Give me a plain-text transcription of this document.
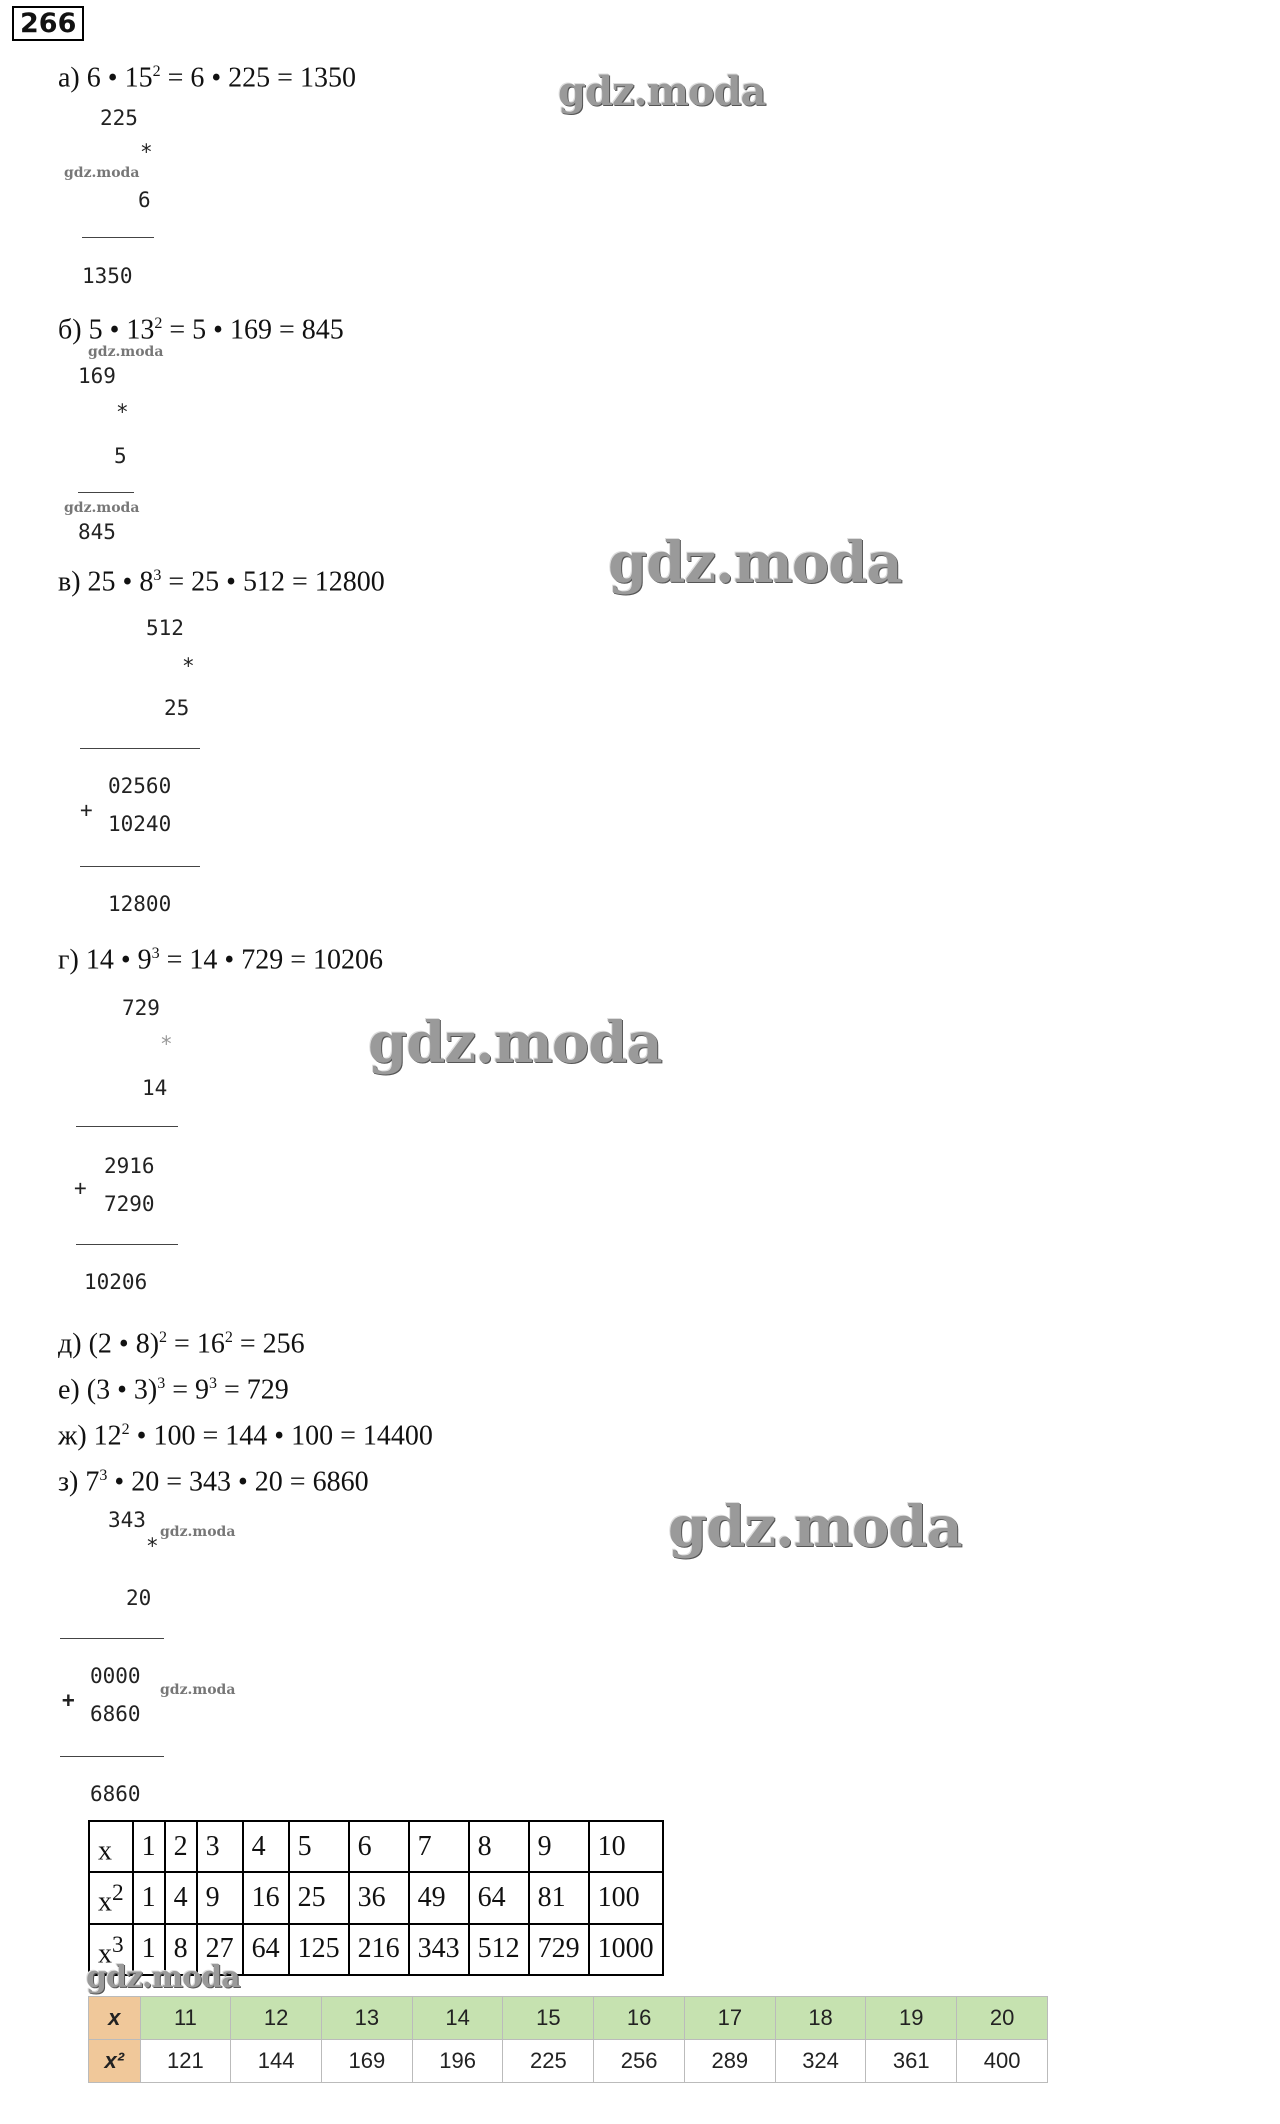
266
а) 6 • $15^2 = 6$ • 225 = 1350	gdz.moda
225
*
gdz.moda
6
1350
б) 5 • $13^2 = 5$ • 169 = 845
gdz.moda
169
*
5
gdz.moda
845
в) 25 • $8^3 = 25$ • 512 = 12800	gdz.moda
512
*
25
+
02560
10240
12800
г) 14 • $9^3 = 14$ • 729 = 10206
729
*
14
gdz.moda
+
2916
7290
10206
д) (2 • $8)^2 = 16^2 = 256$
е) (3 • $3)^3 = 9^3 = 729$
ж) $12^2$ • 100 = 144 • 100 = 14400
з) $7^3$ • 20 = 343 • 20 = 6860
343 gdz.moda
*
20
gdz.moda
+
0000
6860
gdz.moda
6860
x	1	2	3	4	5	6	7	8	9	10
$x^2$	1	4	9	16	25	36	49	64	81	100
$x^3$	1	8	27	64	125	216	343	512	729	1000
gdz.moda
x	11	12	13	14	15	16	17	18	19	20
x²	121	144	169	196	225	256	289	324	361	400
